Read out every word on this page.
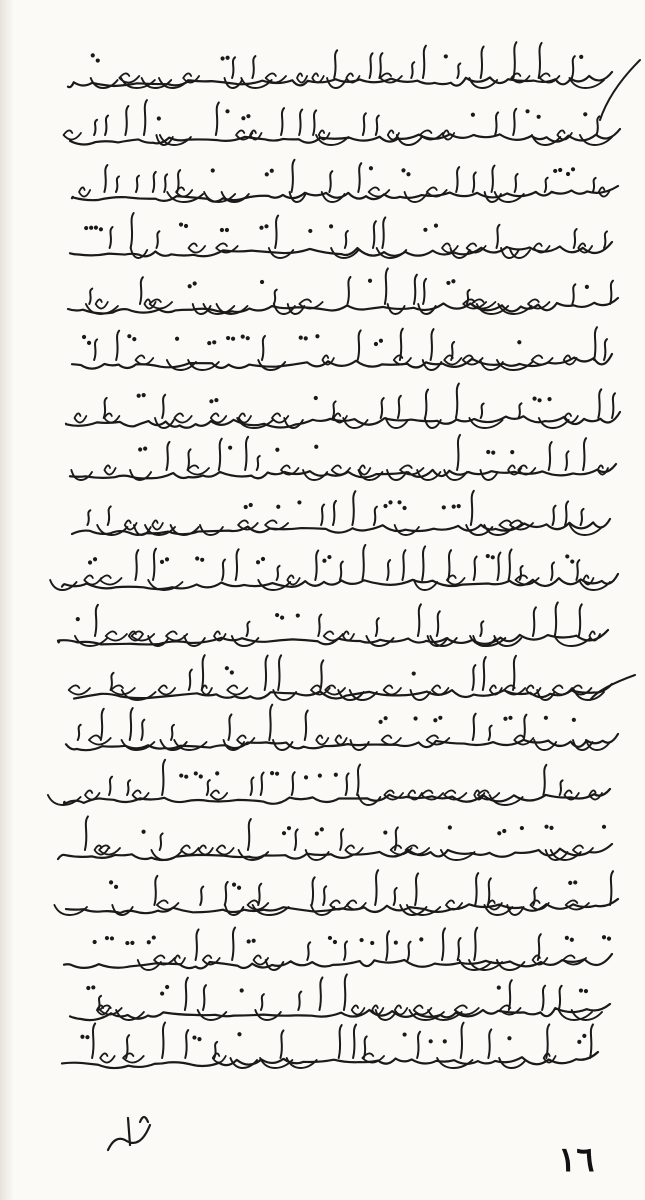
١٦
